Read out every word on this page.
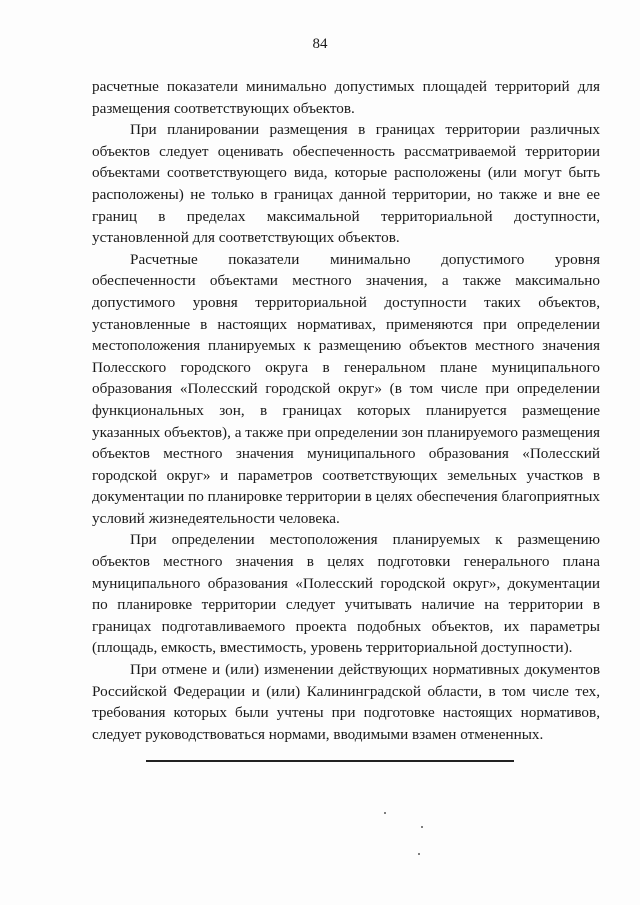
84

расчетные показатели минимально допустимых площадей территорий для размещения соответствующих объектов.

При планировании размещения в границах территории различных объектов следует оценивать обеспеченность рассматриваемой территории объектами соответствующего вида, которые расположены (или могут быть расположены) не только в границах данной территории, но также и вне ее границ в пределах максимальной территориальной доступности, установленной для соответствующих объектов.

Расчетные показатели минимально допустимого уровня обеспеченности объектами местного значения, а также максимально допустимого уровня территориальной доступности таких объектов, установленные в настоящих нормативах, применяются при определении местоположения планируемых к размещению объектов местного значения Полесского городского округа в генеральном плане муниципального образования «Полесский городской округ» (в том числе при определении функциональных зон, в границах которых планируется размещение указанных объектов), а также при определении зон планируемого размещения объектов местного значения муниципального образования «Полесский городской округ» и параметров соответствующих земельных участков в документации по планировке территории в целях обеспечения благоприятных условий жизнедеятельности человека.

При определении местоположения планируемых к размещению объектов местного значения в целях подготовки генерального плана муниципального образования «Полесский городской округ», документации по планировке территории следует учитывать наличие на территории в границах подготавливаемого проекта подобных объектов, их параметры (площадь, емкость, вместимость, уровень территориальной доступности).

При отмене и (или) изменении действующих нормативных документов Российской Федерации и (или) Калининградской области, в том числе тех, требования которых были учтены при подготовке настоящих нормативов, следует руководствоваться нормами, вводимыми взамен отмененных.
